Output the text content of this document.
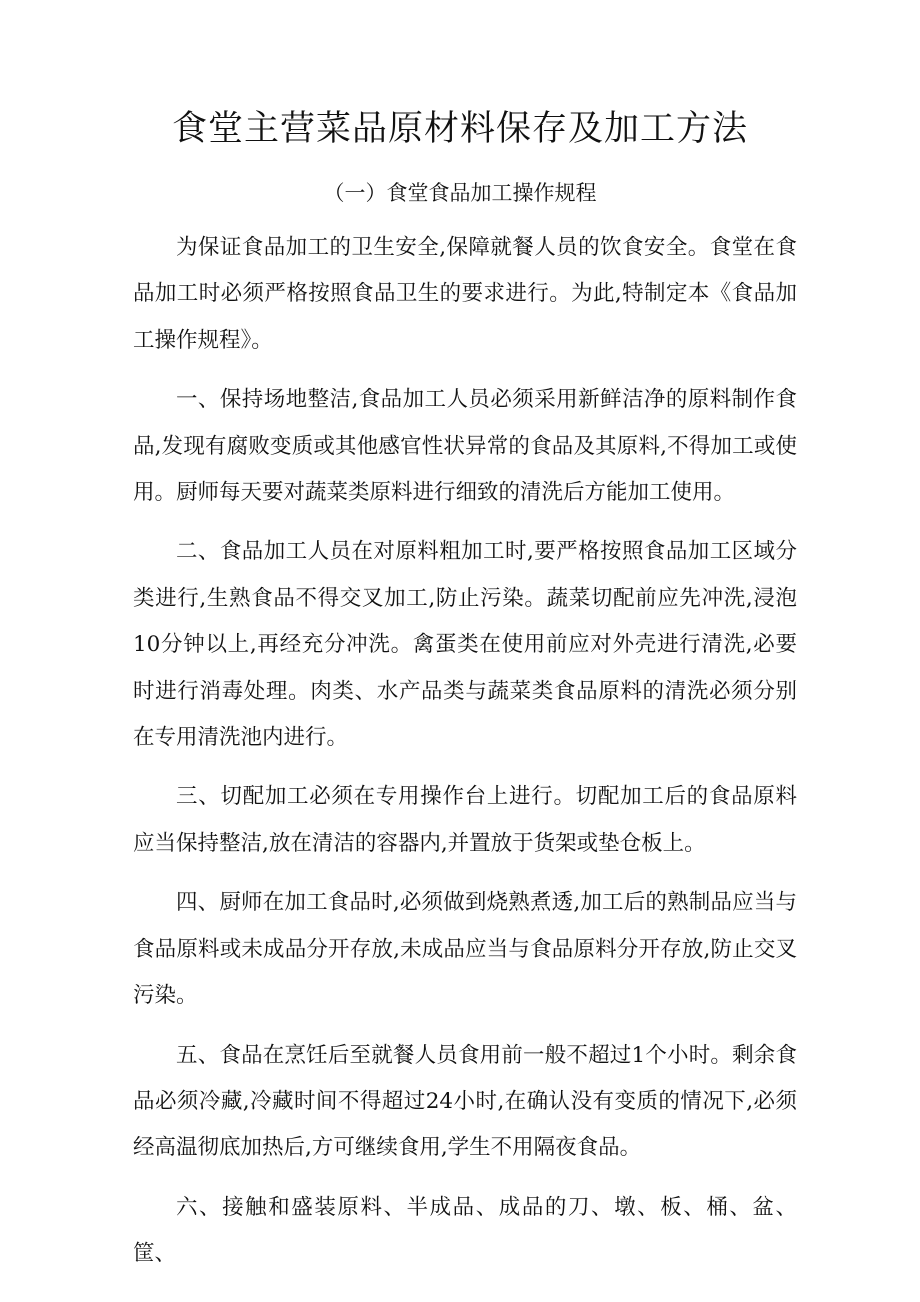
食堂主营菜品原材料保存及加工方法
（一）食堂食品加工操作规程

为保证食品加工的卫生安全,保障就餐人员的饮食安全。食堂在食品加工时必须严格按照食品卫生的要求进行。为此,特制定本《食品加工操作规程》。

一、保持场地整洁,食品加工人员必须采用新鲜洁净的原料制作食品,发现有腐败变质或其他感官性状异常的食品及其原料,不得加工或使用。厨师每天要对蔬菜类原料进行细致的清洗后方能加工使用。

二、食品加工人员在对原料粗加工时,要严格按照食品加工区域分类进行,生熟食品不得交叉加工,防止污染。蔬菜切配前应先冲洗,浸泡10分钟以上,再经充分冲洗。禽蛋类在使用前应对外壳进行清洗,必要时进行消毒处理。肉类、水产品类与蔬菜类食品原料的清洗必须分别在专用清洗池内进行。

三、切配加工必须在专用操作台上进行。切配加工后的食品原料应当保持整洁,放在清洁的容器内,并置放于货架或垫仓板上。

四、厨师在加工食品时,必须做到烧熟煮透,加工后的熟制品应当与食品原料或未成品分开存放,未成品应当与食品原料分开存放,防止交叉污染。

五、食品在烹饪后至就餐人员食用前一般不超过1个小时。剩余食品必须冷藏,冷藏时间不得超过24小时,在确认没有变质的情况下,必须经高温彻底加热后,方可继续食用,学生不用隔夜食品。

六、接触和盛装原料、半成品、成品的刀、墩、板、桶、盆、筐、
